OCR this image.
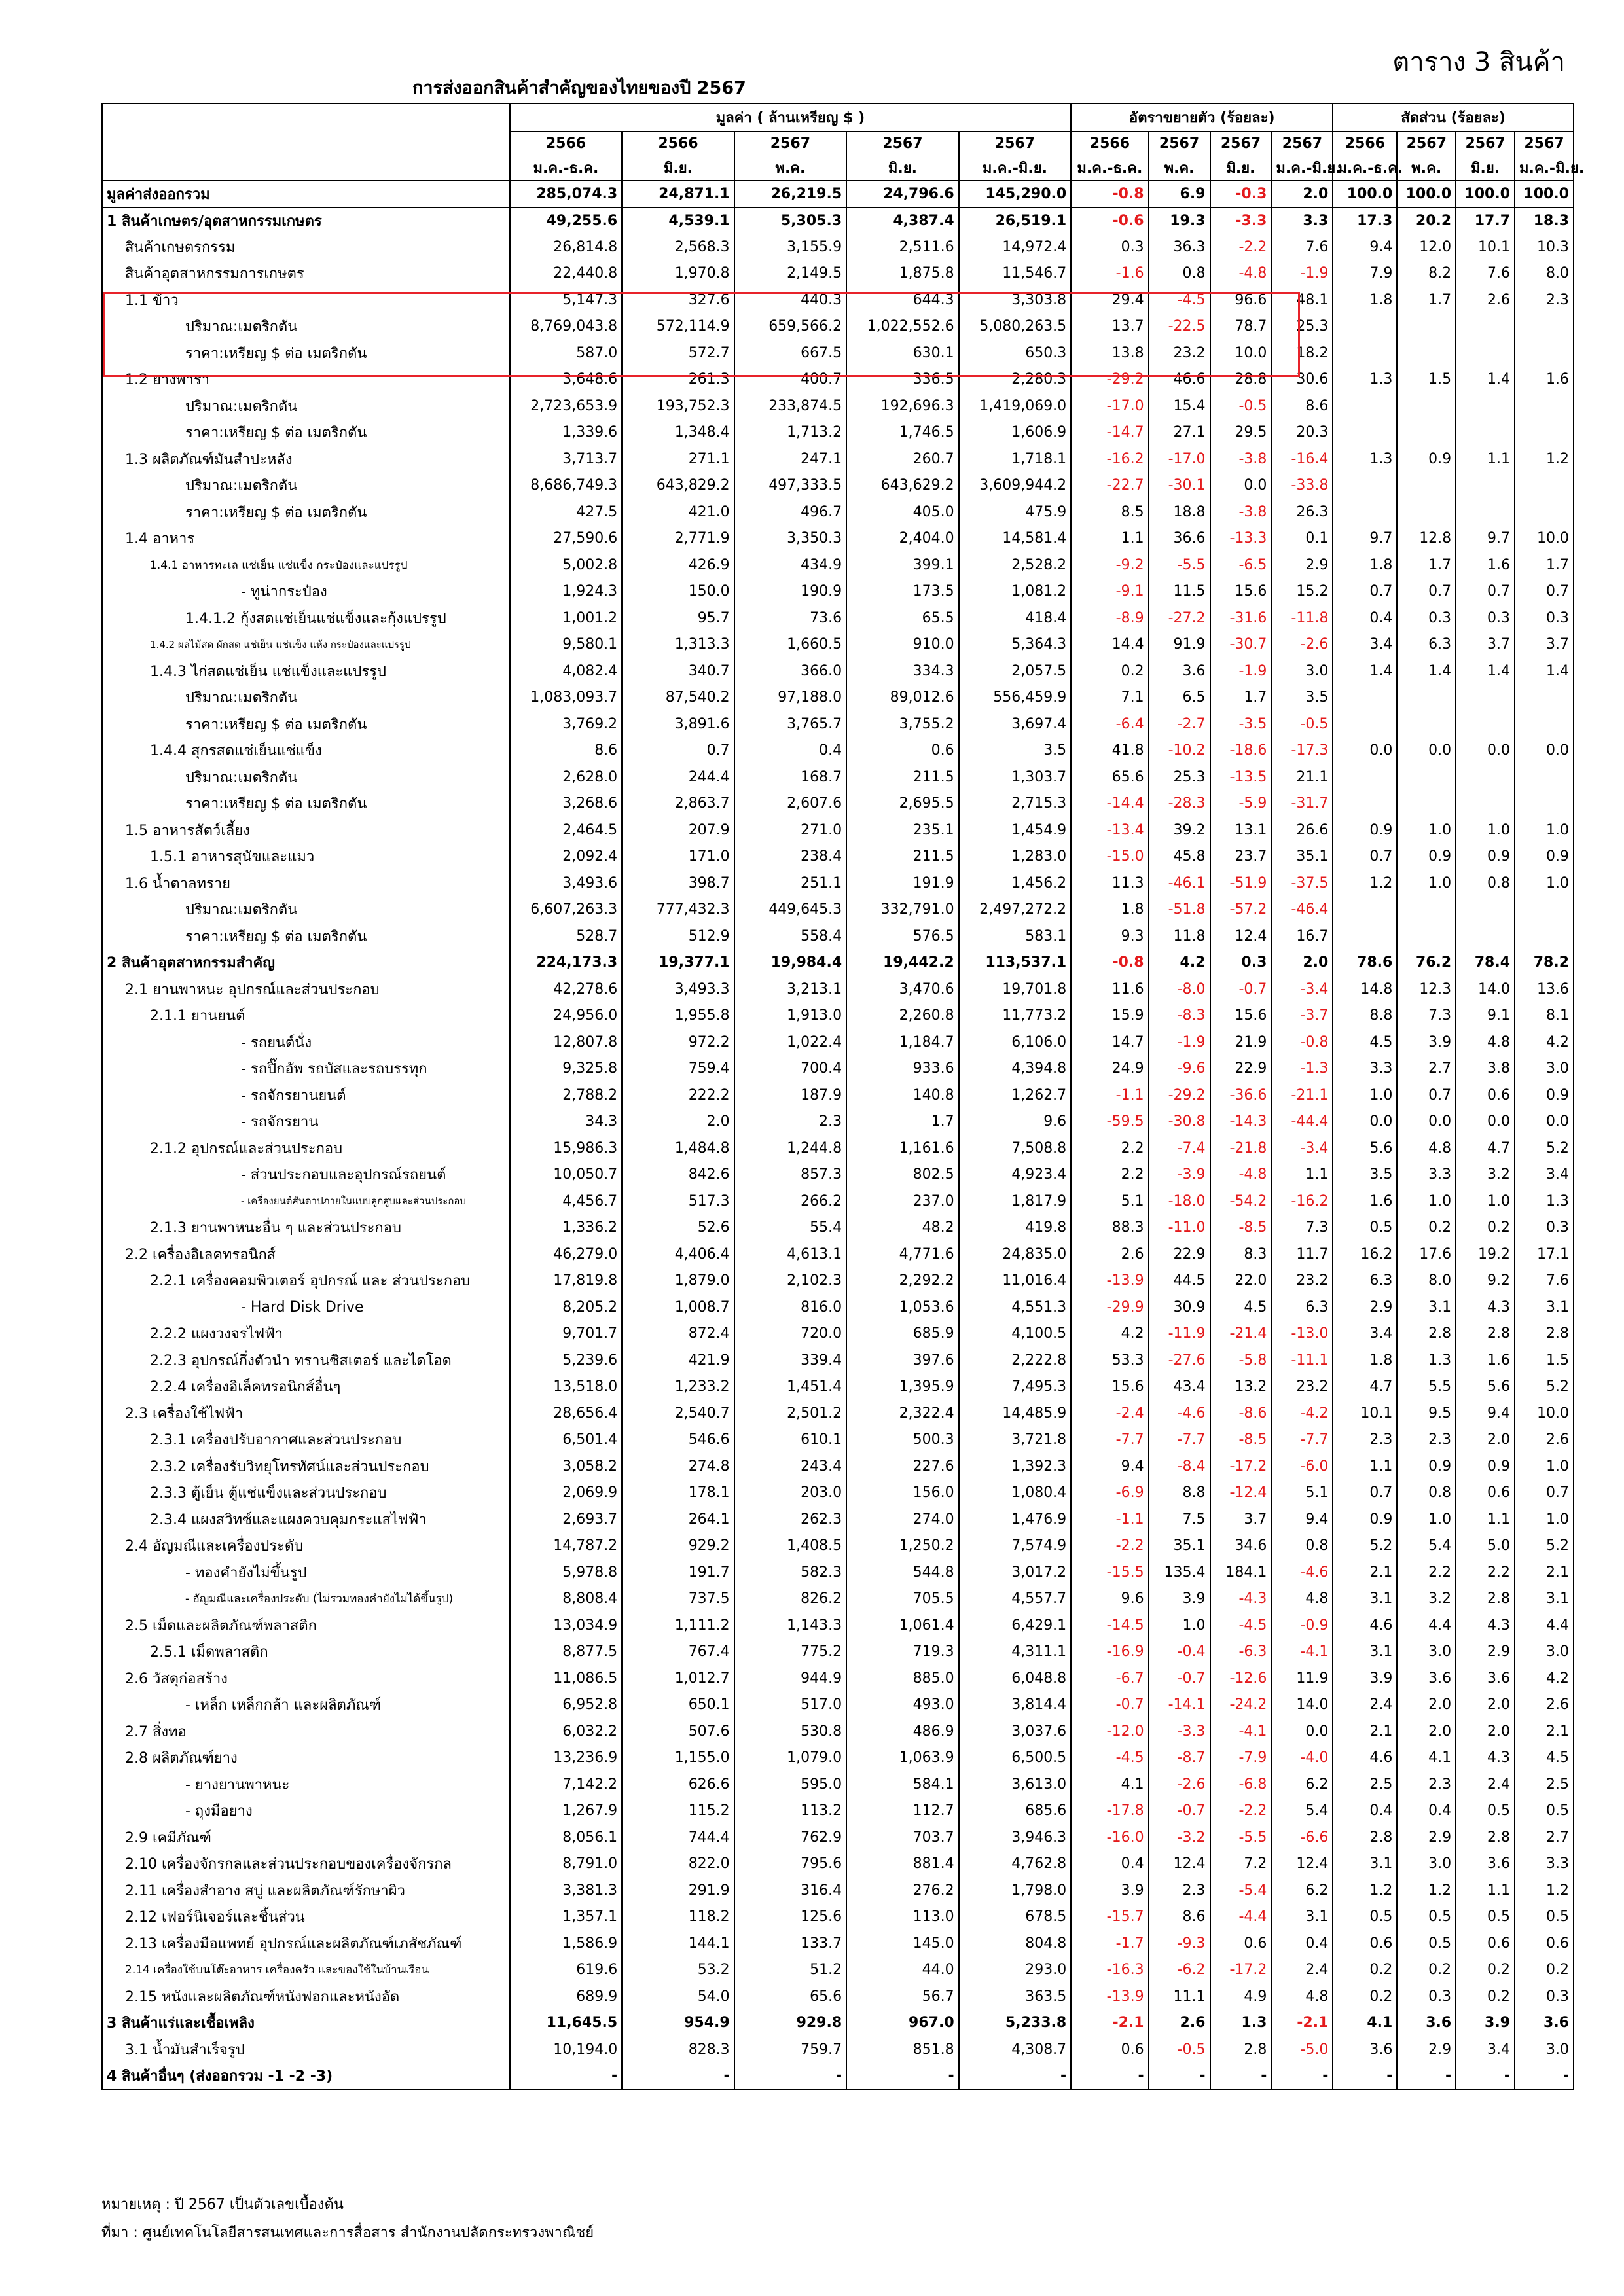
ตาราง 3 สินค้า
การส่งออกสินค้าสำคัญของไทยของปี 2567
	มูลค่า ( ล้านเหรียญ $ )					อัตราขยายตัว (ร้อยละ)				สัดส่วน (ร้อยละ)			
	2566	2566	2567	2567	2567	2566	2567	2567	2567	2566	2567	2567	2567
	ม.ค.-ธ.ค.	มิ.ย.	พ.ค.	มิ.ย.	ม.ค.-มิ.ย.	ม.ค.-ธ.ค.	พ.ค.	มิ.ย.	ม.ค.-มิ.ย.	ม.ค.-ธ.ค.	พ.ค.	มิ.ย.	ม.ค.-มิ.ย.
มูลค่าส่งออกรวม	285,074.3	24,871.1	26,219.5	24,796.6	145,290.0	-0.8	6.9	-0.3	2.0	100.0	100.0	100.0	100.0
1 สินค้าเกษตร/อุตสาหกรรมเกษตร	49,255.6	4,539.1	5,305.3	4,387.4	26,519.1	-0.6	19.3	-3.3	3.3	17.3	20.2	17.7	18.3
สินค้าเกษตรกรรม	26,814.8	2,568.3	3,155.9	2,511.6	14,972.4	0.3	36.3	-2.2	7.6	9.4	12.0	10.1	10.3
สินค้าอุตสาหกรรมการเกษตร	22,440.8	1,970.8	2,149.5	1,875.8	11,546.7	-1.6	0.8	-4.8	-1.9	7.9	8.2	7.6	8.0
1.1 ข้าว	5,147.3	327.6	440.3	644.3	3,303.8	29.4	-4.5	96.6	48.1	1.8	1.7	2.6	2.3
ปริมาณ:เมตริกตัน	8,769,043.8	572,114.9	659,566.2	1,022,552.6	5,080,263.5	13.7	-22.5	78.7	25.3				
ราคา:เหรียญ $ ต่อ เมตริกตัน	587.0	572.7	667.5	630.1	650.3	13.8	23.2	10.0	18.2				
1.2 ยางพารา	3,648.6	261.3	400.7	336.5	2,280.3	-29.2	46.6	28.8	30.6	1.3	1.5	1.4	1.6
ปริมาณ:เมตริกตัน	2,723,653.9	193,752.3	233,874.5	192,696.3	1,419,069.0	-17.0	15.4	-0.5	8.6				
ราคา:เหรียญ $ ต่อ เมตริกตัน	1,339.6	1,348.4	1,713.2	1,746.5	1,606.9	-14.7	27.1	29.5	20.3				
1.3 ผลิตภัณฑ์มันสำปะหลัง	3,713.7	271.1	247.1	260.7	1,718.1	-16.2	-17.0	-3.8	-16.4	1.3	0.9	1.1	1.2
ปริมาณ:เมตริกตัน	8,686,749.3	643,829.2	497,333.5	643,629.2	3,609,944.2	-22.7	-30.1	0.0	-33.8				
ราคา:เหรียญ $ ต่อ เมตริกตัน	427.5	421.0	496.7	405.0	475.9	8.5	18.8	-3.8	26.3				
1.4 อาหาร	27,590.6	2,771.9	3,350.3	2,404.0	14,581.4	1.1	36.6	-13.3	0.1	9.7	12.8	9.7	10.0
1.4.1 อาหารทะเล แช่เย็น แช่แข็ง กระป๋องและแปรรูป	5,002.8	426.9	434.9	399.1	2,528.2	-9.2	-5.5	-6.5	2.9	1.8	1.7	1.6	1.7
- ทูน่ากระป๋อง	1,924.3	150.0	190.9	173.5	1,081.2	-9.1	11.5	15.6	15.2	0.7	0.7	0.7	0.7
1.4.1.2 กุ้งสดแช่เย็นแช่แข็งและกุ้งแปรรูป	1,001.2	95.7	73.6	65.5	418.4	-8.9	-27.2	-31.6	-11.8	0.4	0.3	0.3	0.3
1.4.2 ผลไม้สด ผักสด แช่เย็น แช่แข็ง แห้ง กระป๋องและแปรรูป	9,580.1	1,313.3	1,660.5	910.0	5,364.3	14.4	91.9	-30.7	-2.6	3.4	6.3	3.7	3.7
1.4.3 ไก่สดแช่เย็น แช่แข็งและแปรรูป	4,082.4	340.7	366.0	334.3	2,057.5	0.2	3.6	-1.9	3.0	1.4	1.4	1.4	1.4
ปริมาณ:เมตริกตัน	1,083,093.7	87,540.2	97,188.0	89,012.6	556,459.9	7.1	6.5	1.7	3.5				
ราคา:เหรียญ $ ต่อ เมตริกตัน	3,769.2	3,891.6	3,765.7	3,755.2	3,697.4	-6.4	-2.7	-3.5	-0.5				
1.4.4 สุกรสดแช่เย็นแช่แข็ง	8.6	0.7	0.4	0.6	3.5	41.8	-10.2	-18.6	-17.3	0.0	0.0	0.0	0.0
ปริมาณ:เมตริกตัน	2,628.0	244.4	168.7	211.5	1,303.7	65.6	25.3	-13.5	21.1				
ราคา:เหรียญ $ ต่อ เมตริกตัน	3,268.6	2,863.7	2,607.6	2,695.5	2,715.3	-14.4	-28.3	-5.9	-31.7				
1.5 อาหารสัตว์เลี้ยง	2,464.5	207.9	271.0	235.1	1,454.9	-13.4	39.2	13.1	26.6	0.9	1.0	1.0	1.0
1.5.1 อาหารสุนัขและแมว	2,092.4	171.0	238.4	211.5	1,283.0	-15.0	45.8	23.7	35.1	0.7	0.9	0.9	0.9
1.6 น้ำตาลทราย	3,493.6	398.7	251.1	191.9	1,456.2	11.3	-46.1	-51.9	-37.5	1.2	1.0	0.8	1.0
ปริมาณ:เมตริกตัน	6,607,263.3	777,432.3	449,645.3	332,791.0	2,497,272.2	1.8	-51.8	-57.2	-46.4				
ราคา:เหรียญ $ ต่อ เมตริกตัน	528.7	512.9	558.4	576.5	583.1	9.3	11.8	12.4	16.7				
2 สินค้าอุตสาหกรรมสำคัญ	224,173.3	19,377.1	19,984.4	19,442.2	113,537.1	-0.8	4.2	0.3	2.0	78.6	76.2	78.4	78.2
2.1 ยานพาหนะ อุปกรณ์และส่วนประกอบ	42,278.6	3,493.3	3,213.1	3,470.6	19,701.8	11.6	-8.0	-0.7	-3.4	14.8	12.3	14.0	13.6
2.1.1 ยานยนต์	24,956.0	1,955.8	1,913.0	2,260.8	11,773.2	15.9	-8.3	15.6	-3.7	8.8	7.3	9.1	8.1
- รถยนต์นั่ง	12,807.8	972.2	1,022.4	1,184.7	6,106.0	14.7	-1.9	21.9	-0.8	4.5	3.9	4.8	4.2
- รถปิ๊กอัพ รถบัสและรถบรรทุก	9,325.8	759.4	700.4	933.6	4,394.8	24.9	-9.6	22.9	-1.3	3.3	2.7	3.8	3.0
- รถจักรยานยนต์	2,788.2	222.2	187.9	140.8	1,262.7	-1.1	-29.2	-36.6	-21.1	1.0	0.7	0.6	0.9
- รถจักรยาน	34.3	2.0	2.3	1.7	9.6	-59.5	-30.8	-14.3	-44.4	0.0	0.0	0.0	0.0
2.1.2 อุปกรณ์และส่วนประกอบ	15,986.3	1,484.8	1,244.8	1,161.6	7,508.8	2.2	-7.4	-21.8	-3.4	5.6	4.8	4.7	5.2
- ส่วนประกอบและอุปกรณ์รถยนต์	10,050.7	842.6	857.3	802.5	4,923.4	2.2	-3.9	-4.8	1.1	3.5	3.3	3.2	3.4
- เครื่องยนต์สันดาปภายในแบบลูกสูบและส่วนประกอบ	4,456.7	517.3	266.2	237.0	1,817.9	5.1	-18.0	-54.2	-16.2	1.6	1.0	1.0	1.3
2.1.3 ยานพาหนะอื่น ๆ และส่วนประกอบ	1,336.2	52.6	55.4	48.2	419.8	88.3	-11.0	-8.5	7.3	0.5	0.2	0.2	0.3
2.2 เครื่องอิเลคทรอนิกส์	46,279.0	4,406.4	4,613.1	4,771.6	24,835.0	2.6	22.9	8.3	11.7	16.2	17.6	19.2	17.1
2.2.1 เครื่องคอมพิวเตอร์ อุปกรณ์ และ ส่วนประกอบ	17,819.8	1,879.0	2,102.3	2,292.2	11,016.4	-13.9	44.5	22.0	23.2	6.3	8.0	9.2	7.6
- Hard Disk Drive	8,205.2	1,008.7	816.0	1,053.6	4,551.3	-29.9	30.9	4.5	6.3	2.9	3.1	4.3	3.1
2.2.2 แผงวงจรไฟฟ้า	9,701.7	872.4	720.0	685.9	4,100.5	4.2	-11.9	-21.4	-13.0	3.4	2.8	2.8	2.8
2.2.3 อุปกรณ์กึ่งตัวนำ ทรานซิสเตอร์ และไดโอด	5,239.6	421.9	339.4	397.6	2,222.8	53.3	-27.6	-5.8	-11.1	1.8	1.3	1.6	1.5
2.2.4 เครื่องอิเล็คทรอนิกส์อื่นๆ	13,518.0	1,233.2	1,451.4	1,395.9	7,495.3	15.6	43.4	13.2	23.2	4.7	5.5	5.6	5.2
2.3 เครื่องใช้ไฟฟ้า	28,656.4	2,540.7	2,501.2	2,322.4	14,485.9	-2.4	-4.6	-8.6	-4.2	10.1	9.5	9.4	10.0
2.3.1 เครื่องปรับอากาศและส่วนประกอบ	6,501.4	546.6	610.1	500.3	3,721.8	-7.7	-7.7	-8.5	-7.7	2.3	2.3	2.0	2.6
2.3.2 เครื่องรับวิทยุโทรทัศน์และส่วนประกอบ	3,058.2	274.8	243.4	227.6	1,392.3	9.4	-8.4	-17.2	-6.0	1.1	0.9	0.9	1.0
2.3.3 ตู้เย็น ตู้แช่แข็งและส่วนประกอบ	2,069.9	178.1	203.0	156.0	1,080.4	-6.9	8.8	-12.4	5.1	0.7	0.8	0.6	0.7
2.3.4 แผงสวิทซ์และแผงควบคุมกระแสไฟฟ้า	2,693.7	264.1	262.3	274.0	1,476.9	-1.1	7.5	3.7	9.4	0.9	1.0	1.1	1.0
2.4 อัญมณีและเครื่องประดับ	14,787.2	929.2	1,408.5	1,250.2	7,574.9	-2.2	35.1	34.6	0.8	5.2	5.4	5.0	5.2
- ทองคำยังไม่ขึ้นรูป	5,978.8	191.7	582.3	544.8	3,017.2	-15.5	135.4	184.1	-4.6	2.1	2.2	2.2	2.1
- อัญมณีและเครื่องประดับ (ไม่รวมทองคำยังไม่ได้ขึ้นรูป)	8,808.4	737.5	826.2	705.5	4,557.7	9.6	3.9	-4.3	4.8	3.1	3.2	2.8	3.1
2.5 เม็ดและผลิตภัณฑ์พลาสติก	13,034.9	1,111.2	1,143.3	1,061.4	6,429.1	-14.5	1.0	-4.5	-0.9	4.6	4.4	4.3	4.4
2.5.1 เม็ดพลาสติก	8,877.5	767.4	775.2	719.3	4,311.1	-16.9	-0.4	-6.3	-4.1	3.1	3.0	2.9	3.0
2.6 วัสดุก่อสร้าง	11,086.5	1,012.7	944.9	885.0	6,048.8	-6.7	-0.7	-12.6	11.9	3.9	3.6	3.6	4.2
- เหล็ก เหล็กกล้า และผลิตภัณฑ์	6,952.8	650.1	517.0	493.0	3,814.4	-0.7	-14.1	-24.2	14.0	2.4	2.0	2.0	2.6
2.7 สิ่งทอ	6,032.2	507.6	530.8	486.9	3,037.6	-12.0	-3.3	-4.1	0.0	2.1	2.0	2.0	2.1
2.8 ผลิตภัณฑ์ยาง	13,236.9	1,155.0	1,079.0	1,063.9	6,500.5	-4.5	-8.7	-7.9	-4.0	4.6	4.1	4.3	4.5
- ยางยานพาหนะ	7,142.2	626.6	595.0	584.1	3,613.0	4.1	-2.6	-6.8	6.2	2.5	2.3	2.4	2.5
- ถุงมือยาง	1,267.9	115.2	113.2	112.7	685.6	-17.8	-0.7	-2.2	5.4	0.4	0.4	0.5	0.5
2.9 เคมีภัณฑ์	8,056.1	744.4	762.9	703.7	3,946.3	-16.0	-3.2	-5.5	-6.6	2.8	2.9	2.8	2.7
2.10 เครื่องจักรกลและส่วนประกอบของเครื่องจักรกล	8,791.0	822.0	795.6	881.4	4,762.8	0.4	12.4	7.2	12.4	3.1	3.0	3.6	3.3
2.11 เครื่องสำอาง สบู่ และผลิตภัณฑ์รักษาผิว	3,381.3	291.9	316.4	276.2	1,798.0	3.9	2.3	-5.4	6.2	1.2	1.2	1.1	1.2
2.12 เฟอร์นิเจอร์และชิ้นส่วน	1,357.1	118.2	125.6	113.0	678.5	-15.7	8.6	-4.4	3.1	0.5	0.5	0.5	0.5
2.13 เครื่องมือแพทย์ อุปกรณ์และผลิตภัณฑ์เภสัชภัณฑ์	1,586.9	144.1	133.7	145.0	804.8	-1.7	-9.3	0.6	0.4	0.6	0.5	0.6	0.6
2.14 เครื่องใช้บนโต๊ะอาหาร เครื่องครัว และของใช้ในบ้านเรือน	619.6	53.2	51.2	44.0	293.0	-16.3	-6.2	-17.2	2.4	0.2	0.2	0.2	0.2
2.15 หนังและผลิตภัณฑ์หนังฟอกและหนังอัด	689.9	54.0	65.6	56.7	363.5	-13.9	11.1	4.9	4.8	0.2	0.3	0.2	0.3
3 สินค้าแร่และเชื้อเพลิง	11,645.5	954.9	929.8	967.0	5,233.8	-2.1	2.6	1.3	-2.1	4.1	3.6	3.9	3.6
3.1 น้ำมันสำเร็จรูป	10,194.0	828.3	759.7	851.8	4,308.7	0.6	-0.5	2.8	-5.0	3.6	2.9	3.4	3.0
4 สินค้าอื่นๆ (ส่งออกรวม -1 -2 -3)	-	-	-	-	-	-	-	-	-	-	-	-	-
หมายเหตุ : ปี 2567 เป็นตัวเลขเบื้องต้น
ที่มา : ศูนย์เทคโนโลยีสารสนเทศและการสื่อสาร สำนักงานปลัดกระทรวงพาณิชย์
